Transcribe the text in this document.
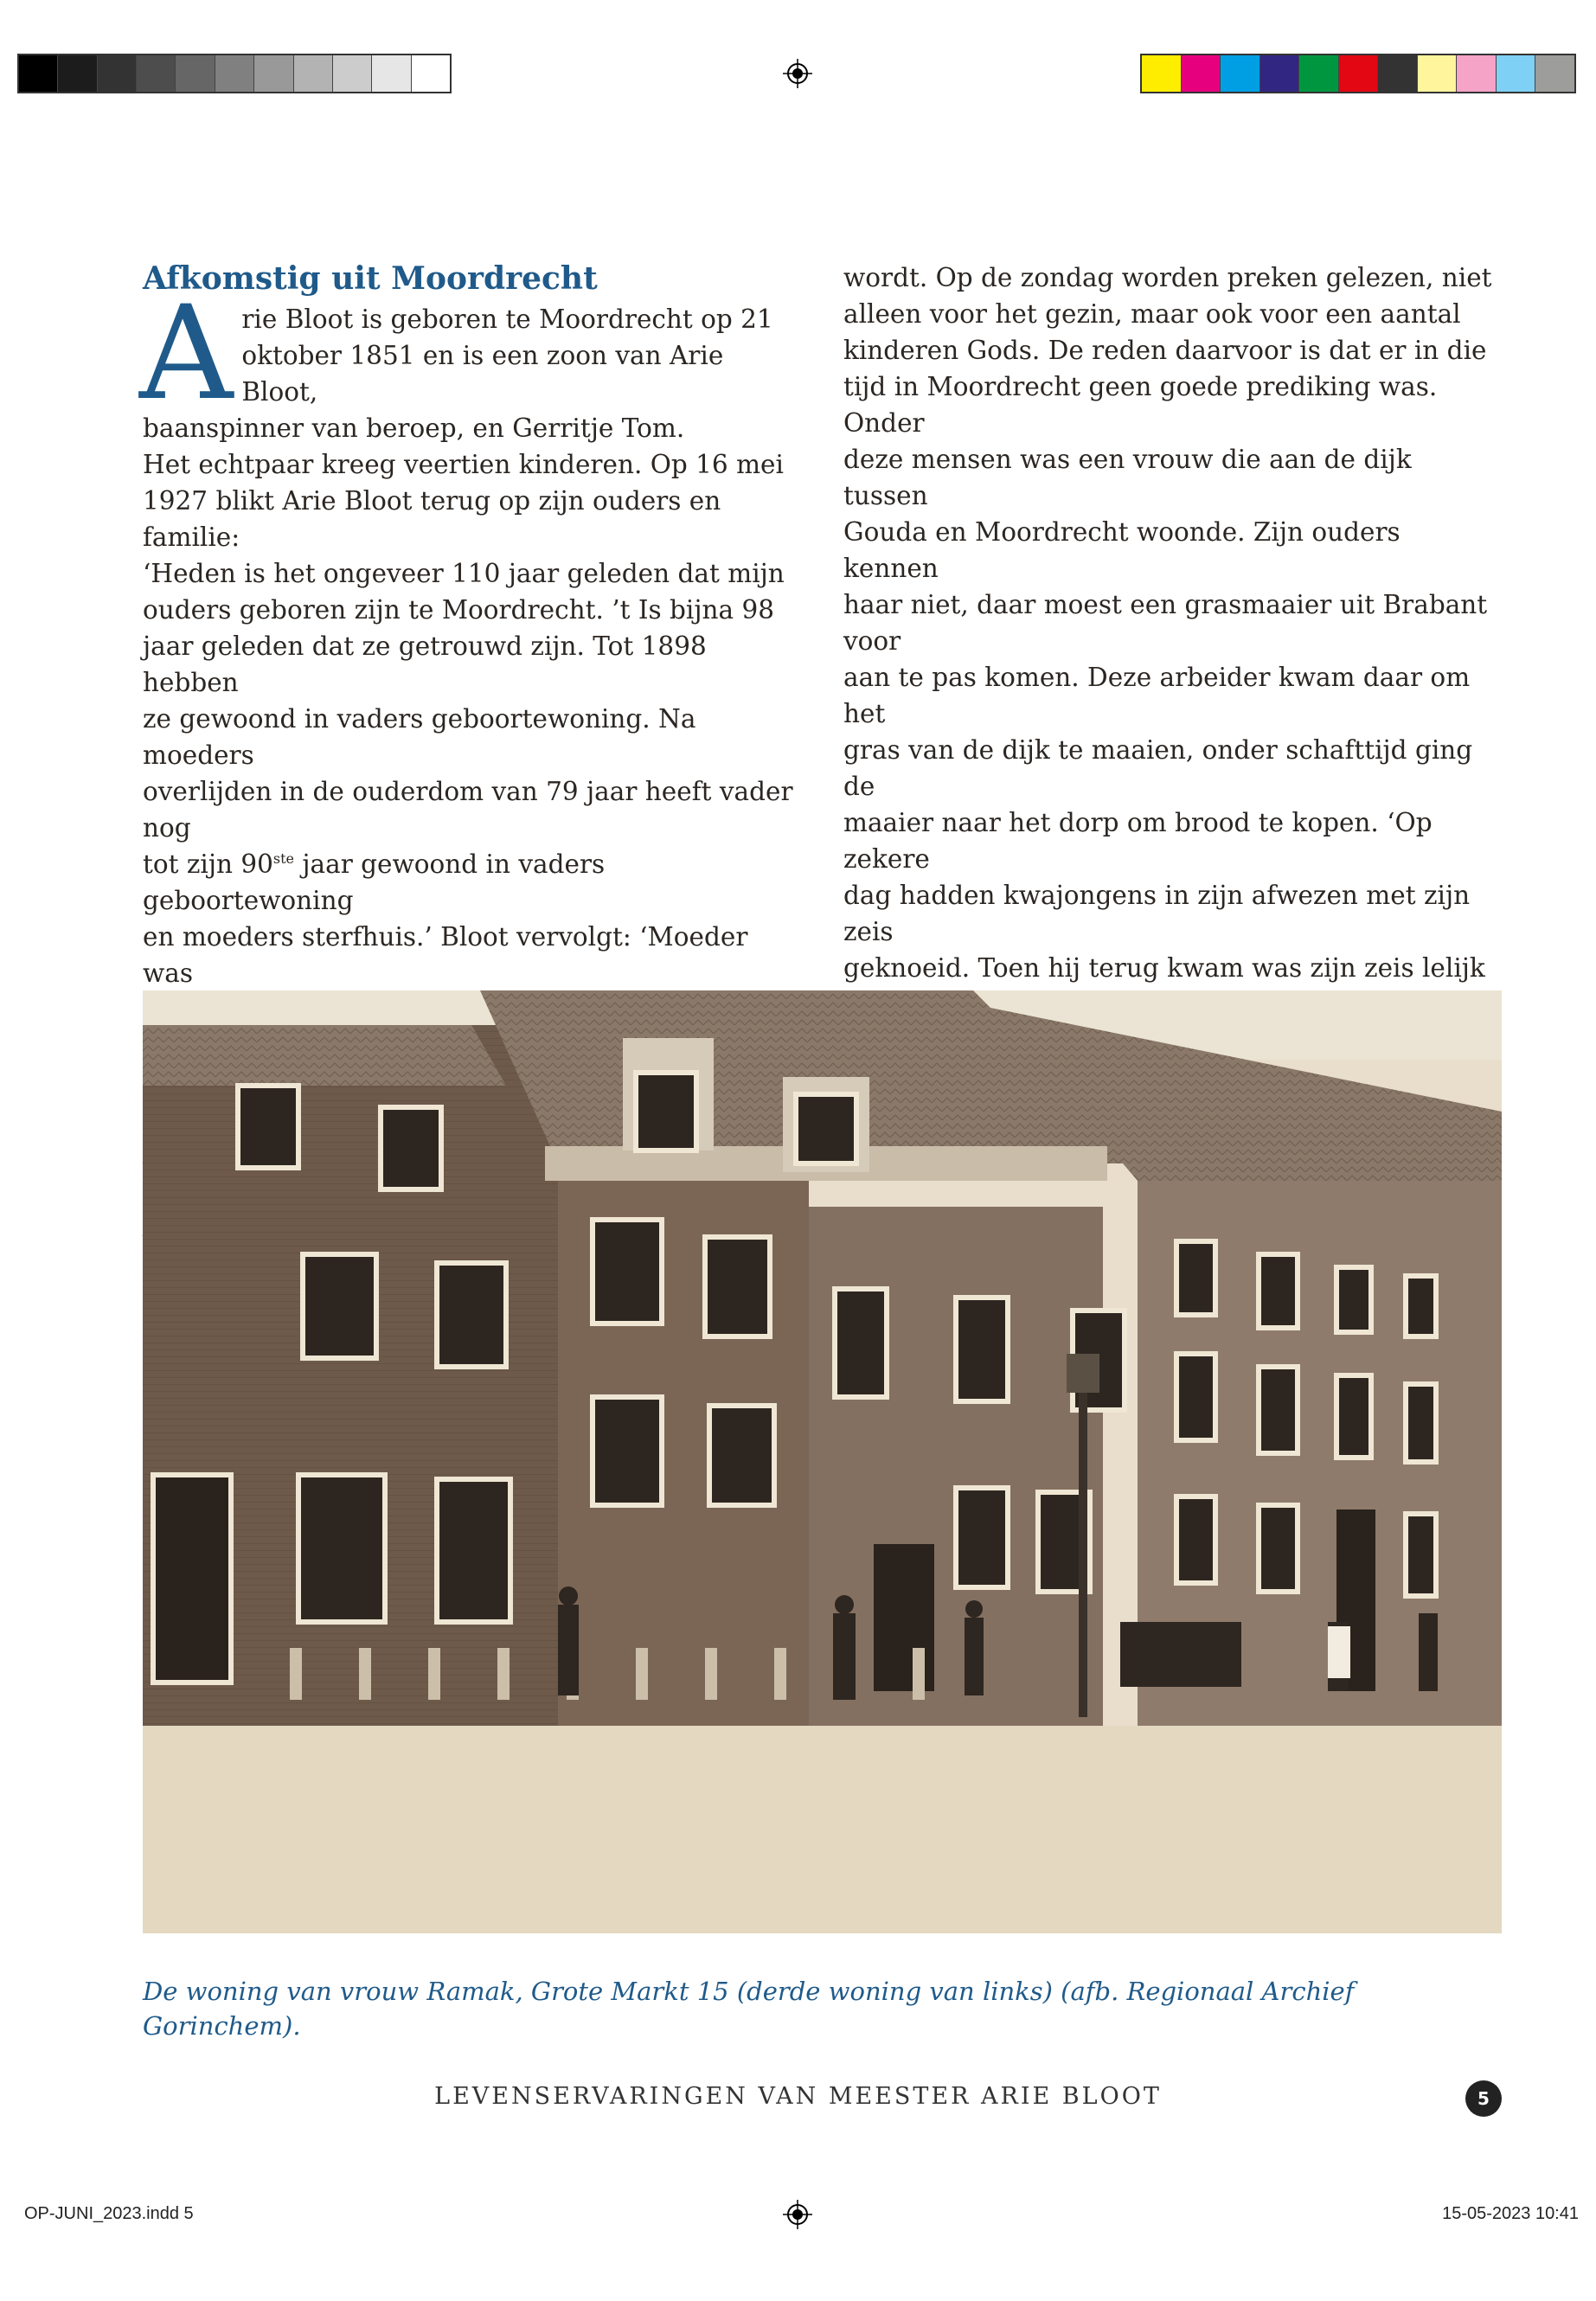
Afkomstig uit Moordrecht

Arie Bloot is geboren te Moordrecht op 21
oktober 1851 en is een zoon van Arie Bloot,
baanspinner van beroep, en Gerritje Tom.
Het echtpaar kreeg veertien kinderen. Op 16 mei
1927 blikt Arie Bloot terug op zijn ouders en familie:
‘Heden is het ongeveer 110 jaar geleden dat mijn
ouders geboren zijn te Moordrecht. ’t Is bijna 98
jaar geleden dat ze getrouwd zijn. Tot 1898 hebben
ze gewoond in vaders geboortewoning. Na moeders
overlijden in de ouderdom van 79 jaar heeft vader nog
tot zijn 90ste jaar gewoond in vaders geboortewoning
en moeders sterfhuis.’ Bloot vervolgt: ‘Moeder was

wordt. Op de zondag worden preken gelezen, niet
alleen voor het gezin, maar ook voor een aantal
kinderen Gods. De reden daarvoor is dat er in die
tijd in Moordrecht geen goede prediking was. Onder
deze mensen was een vrouw die aan de dijk tussen
Gouda en Moordrecht woonde. Zijn ouders kennen
haar niet, daar moest een grasmaaier uit Brabant voor
aan te pas komen. Deze arbeider kwam daar om het
gras van de dijk te maaien, onder schafttijd ging de
maaier naar het dorp om brood te kopen. ‘Op zekere
dag hadden kwajongens in zijn afwezen met zijn zeis
geknoeid. Toen hij terug kwam was zijn zeis lelijk

De woning van vrouw Ramak, Grote Markt 15 (derde woning van links) (afb. Regionaal Archief Gorinchem).
LEVENSERVARINGEN VAN MEESTER ARIE BLOOT	5
OP-JUNI_2023.indd 5	15-05-2023 10:41
